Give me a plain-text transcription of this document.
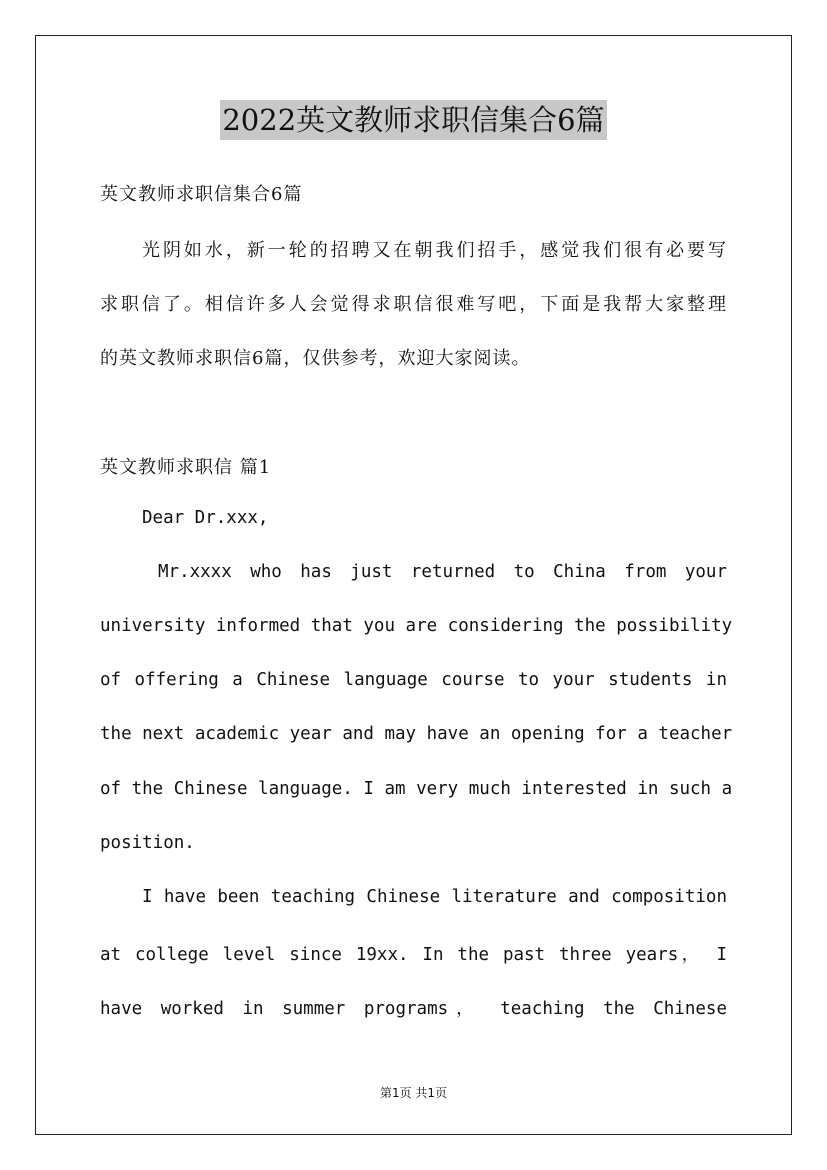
2022英文教师求职信集合6篇
英文教师求职信集合6篇
光阴如水，新一轮的招聘又在朝我们招手，感觉我们很有必要写
求职信了。相信许多人会觉得求职信很难写吧，下面是我帮大家整理
的英文教师求职信6篇，仅供参考，欢迎大家阅读。
英文教师求职信 篇1
Dear Dr.xxx,
Mr.xxxx who has just returned to China from your
university informed that you are considering the possibility
of offering a Chinese language course to your students in
the next academic year and may have an opening for a teacher
of the Chinese language. I am very much interested in such a
position.
I have been teaching Chinese literature and composition
at college level since 19xx. In the past three years， I
have worked in summer programs， teaching the Chinese
第1页 共1页
